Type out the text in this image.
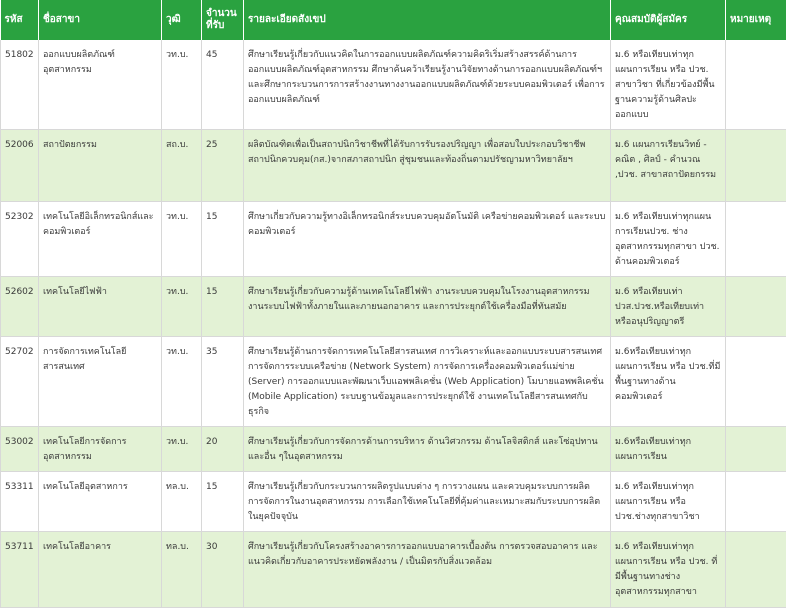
รหัส	ชื่อสาขา	วุฒิ	จำนวนที่รับ	รายละเอียดสังเขป	คุณสมบัติผู้สมัคร	หมายเหตุ
51802	ออกแบบผลิตภัณฑ์อุตสาหกรรม	วท.บ.	45	ศึกษาเรียนรู้เกี่ยวกับแนวคิดในการออกแบบผลิตภัณฑ์ความคิดริเริ่มสร้างสรรค์ด้านการออกแบบผลิตภัณฑ์อุตสาหกรรม ศึกษาค้นคว้าเรียนรู้งานวิจัยทางด้านการออกแบบผลิตภัณฑ์ฯ และศึกษากระบวนการการสร้างงานทางงานออกแบบผลิตภัณฑ์ด้วยระบบคอมพิวเตอร์ เพื่อการออกแบบผลิตภัณฑ์	ม.6 หรือเทียบเท่าทุกแผนการเรียน หรือ ปวช. สาขาวิชา ที่เกี่ยวข้องมีพื้นฐานความรู้ด้านศิลปะ ออกแบบ	
52006	สถาปัตยกรรม	สถ.บ.	25	ผลิตบัณฑิตเพื่อเป็นสถาปนิกวิชาชีพที่ได้รับการรับรองปริญญา เพื่อสอบใบประกอบวิชาชีพสถาปนิกควบคุม(กส.)จากสภาสถาปนิก สู่ชุมชนและท้องถิ่นตามปรัชญามหาวิทยาลัยฯ	ม.6 แผนการเรียนวิทย์ - คณิต , ศิลป์ - คำนวณ ,ปวช. สาขาสถาปัตยกรรม	
52302	เทคโนโลยีอิเล็กทรอนิกส์และคอมพิวเตอร์	วท.บ.	15	ศึกษาเกี่ยวกับความรู้ทางอิเล็กทรอนิกส์ระบบควบคุมอัตโนมัติ เครือข่ายคอมพิวเตอร์ และระบบคอมพิวเตอร์	ม.6 หรือเทียบเท่าทุกแผนการเรียนปวช. ช่างอุตสาหกรรมทุกสาขา ปวช. ด้านคอมพิวเตอร์	
52602	เทคโนโลยีไฟฟ้า	วท.บ.	15	ศึกษาเรียนรู้เกี่ยวกับความรู้ด้านเทคโนโลยีไฟฟ้า งานระบบควบคุมในโรงงานอุตสาหกรรม งานระบบไฟฟ้าทั้งภายในและภายนอกอาคาร และการประยุกต์ใช้เครื่องมือที่ทันสมัย	ม.6 หรือเทียบเท่า ปวส.ปวช.หรือเทียบเท่า หรืออนุปริญญาตรี	
52702	การจัดการเทคโนโลยีสารสนเทศ	วท.บ.	35	ศึกษาเรียนรู้ด้านการจัดการเทคโนโลยีสารสนเทศ การวิเคราะห์และออกแบบระบบสารสนเทศ การจัดการระบบเครือข่าย (Network System) การจัดการเครื่องคอมพิวเตอร์แม่ข่าย (Server) การออกแบบและพัฒนาเว็บแอพพลิเคชั่น (Web Application) โมบายแอพพลิเคชั่น (Mobile Application) ระบบฐานข้อมูลและการประยุกต์ใช้ งานเทคโนโลยีสารสนเทศกับธุรกิจ	ม.6หรือเทียบเท่าทุกแผนการเรียน หรือ ปวช.ที่มีพื้นฐานทางด้านคอมพิวเตอร์	
53002	เทคโนโลยีการจัดการอุตสาหกรรม	วท.บ.	20	ศึกษาเรียนรู้เกี่ยวกับการจัดการด้านการบริหาร ด้านวิศวกรรม ด้านโลจิสติกส์ และโซ่อุปทานและอื่น ๆในอุตสาหกรรม	ม.6หรือเทียบเท่าทุกแผนการเรียน	
53311	เทคโนโลยีอุตสาหการ	ทล.บ.	15	ศึกษาเรียนรู้เกี่ยวกับกระบวนการผลิตรูปแบบต่าง ๆ การวางแผน และควบคุมระบบการผลิต การจัดการในงานอุตสาหกรรม การเลือกใช้เทคโนโลยีที่คุ้มค่าและเหมาะสมกับระบบการผลิตในยุคปัจจุบัน	ม.6 หรือเทียบเท่าทุกแผนการเรียน หรือ ปวช.ช่างทุกสาขาวิชา	
53711	เทคโนโลยีอาคาร	ทล.บ.	30	ศึกษาเรียนรู้เกี่ยวกับโครงสร้างอาคารการออกแบบอาคารเบื้องต้น การตรวจสอบอาคาร และแนวคิดเกี่ยวกับอาคารประหยัดพลังงาน / เป็นมิตรกับสิ่งแวดล้อม	ม.6 หรือเทียบเท่าทุกแผนการเรียน หรือ ปวช. ที่มีพื้นฐานทางช่างอุตสาหกรรมทุกสาขา	
